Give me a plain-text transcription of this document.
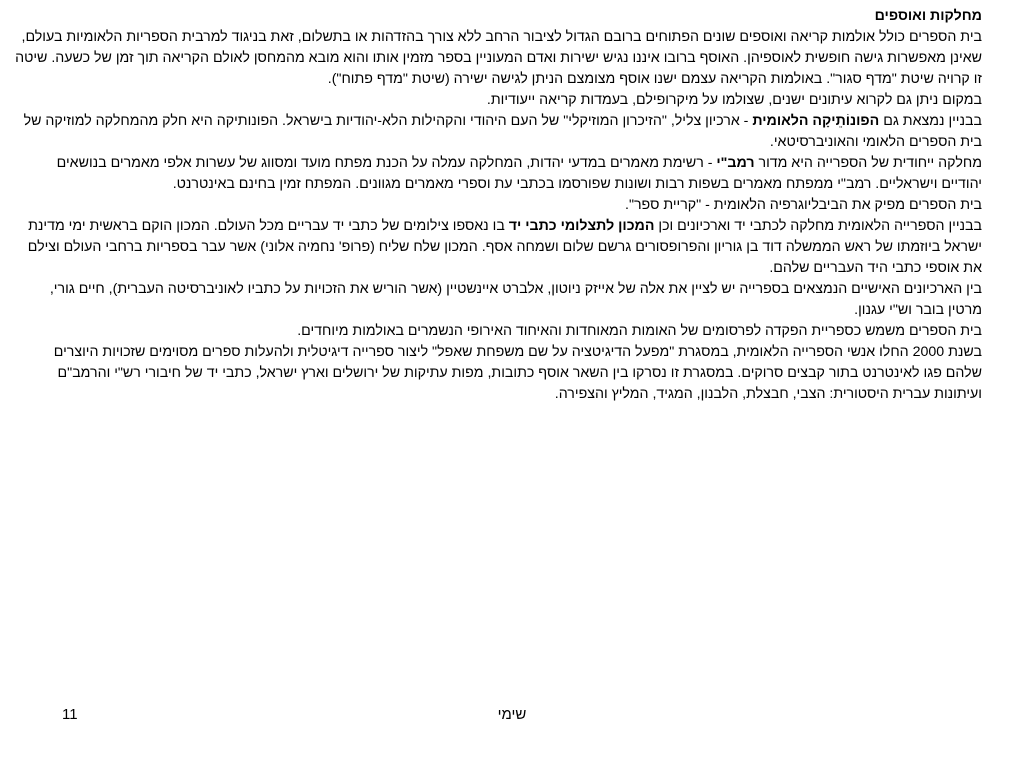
מחלקות ואוספים

בית הספרים כולל אולמות קריאה ואוספים שונים הפתוחים ברובם הגדול לציבור הרחב ללא צורך בהזדהות או בתשלום, זאת בניגוד למרבית הספריות הלאומיות בעולם, שאינן מאפשרות גישה חופשית לאוספיהן. האוסף ברובו איננו נגיש ישירות ואדם המעוניין בספר מזמין אותו והוא מובא מהמחסן לאולם הקריאה תוך זמן של כשעה. שיטה זו קרויה שיטת "מדף סגור". באולמות הקריאה עצמם ישנו אוסף מצומצם הניתן לגישה ישירה (שיטת "מדף פתוח").

במקום ניתן גם לקרוא עיתונים ישנים, שצולמו על מיקרופילם, בעמדות קריאה ייעודיות.

בבניין נמצאת גם הפונוֹתֵיקָה הלאומית - ארכיון צליל, "הזיכרון המוזיקלי" של העם היהודי והקהילות הלא-יהודיות בישראל. הפונותיקה היא חלק מהמחלקה למוזיקה של בית הספרים הלאומי והאוניברסיטאי.

מחלקה ייחודית של הספרייה היא מדור רמב"י - רשימת מאמרים במדעי יהדות, המחלקה עמלה על הכנת מפתח מועד ומסווג של עשרות אלפי מאמרים בנושאים יהודיים וישראליים. רמב"י ממפתח מאמרים בשפות רבות ושונות שפורסמו בכתבי עת וספרי מאמרים מגוונים. המפתח זמין בחינם באינטרנט.

בית הספרים מפיק את הביבליוגרפיה הלאומית - "קריית ספר".

בבניין הספרייה הלאומית מחלקה לכתבי יד וארכיונים וכן המכון לתצלומי כתבי יד בו נאספו צילומים של כתבי יד עבריים מכל העולם. המכון הוקם בראשית ימי מדינת ישראל ביוזמתו של ראש הממשלה דוד בן גוריון והפרופסורים גרשם שלום ושמחה אסף. המכון שלח שליח (פרופ' נחמיה אלוני) אשר עבר בספריות ברחבי העולם וצילם את אוספי כתבי היד העבריים שלהם.

בין הארכיונים האישיים הנמצאים בספרייה יש לציין את אלה של אייזק ניוטון, אלברט איינשטיין (אשר הוריש את הזכויות על כתביו לאוניברסיטה העברית), חיים גורי, מרטין בובר וש"י עגנון.

בית הספרים משמש כספריית הפקדה לפרסומים של האומות המאוחדות והאיחוד האירופי הנשמרים באולמות מיוחדים.

בשנת 2000 החלו אנשי הספרייה הלאומית, במסגרת "מפעל הדיגיטציה על שם משפחת שאפל" ליצור ספרייה דיגיטלית ולהעלות ספרים מסוימים שזכויות היוצרים שלהם פגו לאינטרנט בתור קבצים סרוקים. במסגרת זו נסרקו בין השאר אוסף כתובות, מפות עתיקות של ירושלים וארץ ישראל, כתבי יד של חיבורי רש"י והרמב"ם ועיתונות עברית היסטורית: הצבי, חבצלת, הלבנון, המגיד, המליץ והצפירה.

שימי
11
